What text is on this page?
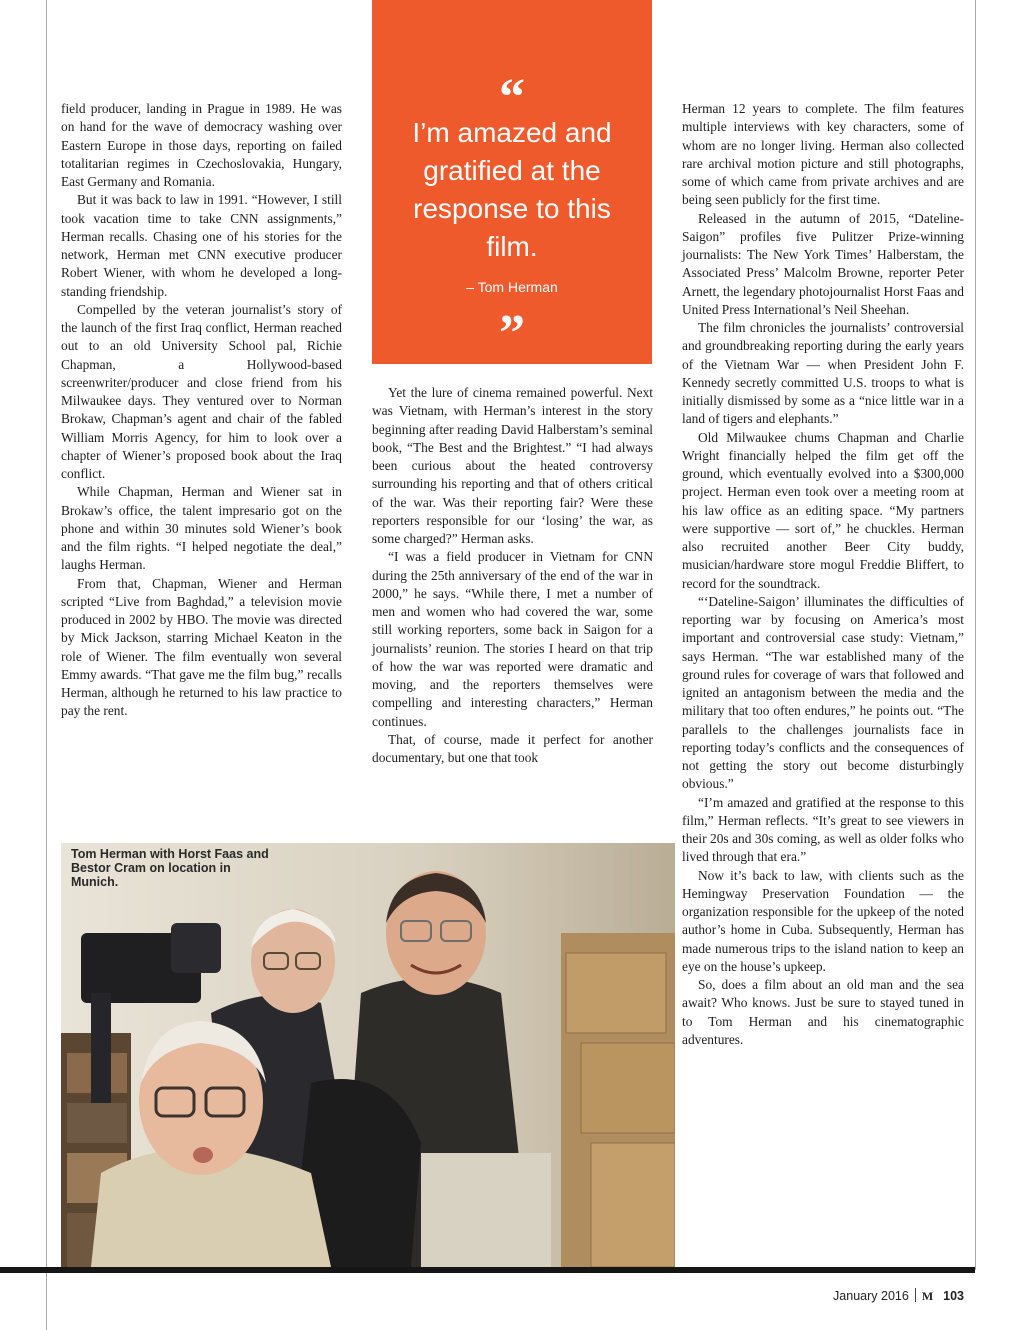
field producer, landing in Prague in 1989. He was on hand for the wave of democracy washing over Eastern Europe in those days, reporting on failed totalitarian regimes in Czechoslovakia, Hungary, East Germany and Romania.

But it was back to law in 1991. “However, I still took vacation time to take CNN assignments,” Herman recalls. Chasing one of his stories for the network, Herman met CNN executive producer Robert Wiener, with whom he developed a long-standing friendship.

Compelled by the veteran journalist’s story of the launch of the first Iraq conflict, Herman reached out to an old University School pal, Richie Chapman, a Hollywood-based screenwriter/producer and close friend from his Milwaukee days. They ventured over to Norman Brokaw, Chapman’s agent and chair of the fabled William Morris Agency, for him to look over a chapter of Wiener’s proposed book about the Iraq conflict.

While Chapman, Herman and Wiener sat in Brokaw’s office, the talent impresario got on the phone and within 30 minutes sold Wiener’s book and the film rights. “I helped negotiate the deal,” laughs Herman.

From that, Chapman, Wiener and Herman scripted “Live from Baghdad,” a television movie produced in 2002 by HBO. The movie was directed by Mick Jackson, starring Michael Keaton in the role of Wiener. The film eventually won several Emmy awards. “That gave me the film bug,” recalls Herman, although he returned to his law practice to pay the rent.

“
I’m amazed and gratified at the response to this film.
– Tom Herman
”

Yet the lure of cinema remained powerful. Next was Vietnam, with Herman’s interest in the story beginning after reading David Halberstam’s seminal book, “The Best and the Brightest.” “I had always been curious about the heated controversy surrounding his reporting and that of others critical of the war. Was their reporting fair? Were these reporters responsible for our ‘losing’ the war, as some charged?” Herman asks.

“I was a field producer in Vietnam for CNN during the 25th anniversary of the end of the war in 2000,” he says. “While there, I met a number of men and women who had covered the war, some still working reporters, some back in Saigon for a journalists’ reunion. The stories I heard on that trip of how the war was reported were dramatic and moving, and the reporters themselves were compelling and interesting characters,” Herman continues.

That, of course, made it perfect for another documentary, but one that took

Herman 12 years to complete. The film features multiple interviews with key characters, some of whom are no longer living. Herman also collected rare archival motion picture and still photographs, some of which came from private archives and are being seen publicly for the first time.

Released in the autumn of 2015, “Dateline-Saigon” profiles five Pulitzer Prize-winning journalists: The New York Times’ Halberstam, the Associated Press’ Malcolm Browne, reporter Peter Arnett, the legendary photojournalist Horst Faas and United Press International’s Neil Sheehan.

The film chronicles the journalists’ controversial and groundbreaking reporting during the early years of the Vietnam War — when President John F. Kennedy secretly committed U.S. troops to what is initially dismissed by some as a “nice little war in a land of tigers and elephants.”

Old Milwaukee chums Chapman and Charlie Wright financially helped the film get off the ground, which eventually evolved into a $300,000 project. Herman even took over a meeting room at his law office as an editing space. “My partners were supportive — sort of,” he chuckles. Herman also recruited another Beer City buddy, musician/hardware store mogul Freddie Bliffert, to record for the soundtrack.

“‘Dateline-Saigon’ illuminates the difficulties of reporting war by focusing on America’s most important and controversial case study: Vietnam,” says Herman. “The war established many of the ground rules for coverage of wars that followed and ignited an antagonism between the media and the military that too often endures,” he points out. “The parallels to the challenges journalists face in reporting today’s conflicts and the consequences of not getting the story out become disturbingly obvious.”

“I’m amazed and gratified at the response to this film,” Herman reflects. “It’s great to see viewers in their 20s and 30s coming, as well as older folks who lived through that era.”

Now it’s back to law, with clients such as the Hemingway Preservation Foundation — the organization responsible for the upkeep of the noted author’s home in Cuba. Subsequently, Herman has made numerous trips to the island nation to keep an eye on the house’s upkeep.

So, does a film about an old man and the sea await? Who knows. Just be sure to stayed tuned in to Tom Herman and his cinematographic adventures.

Tom Herman with Horst Faas and Bestor Cram on location in Munich.
January 2016 M 103
